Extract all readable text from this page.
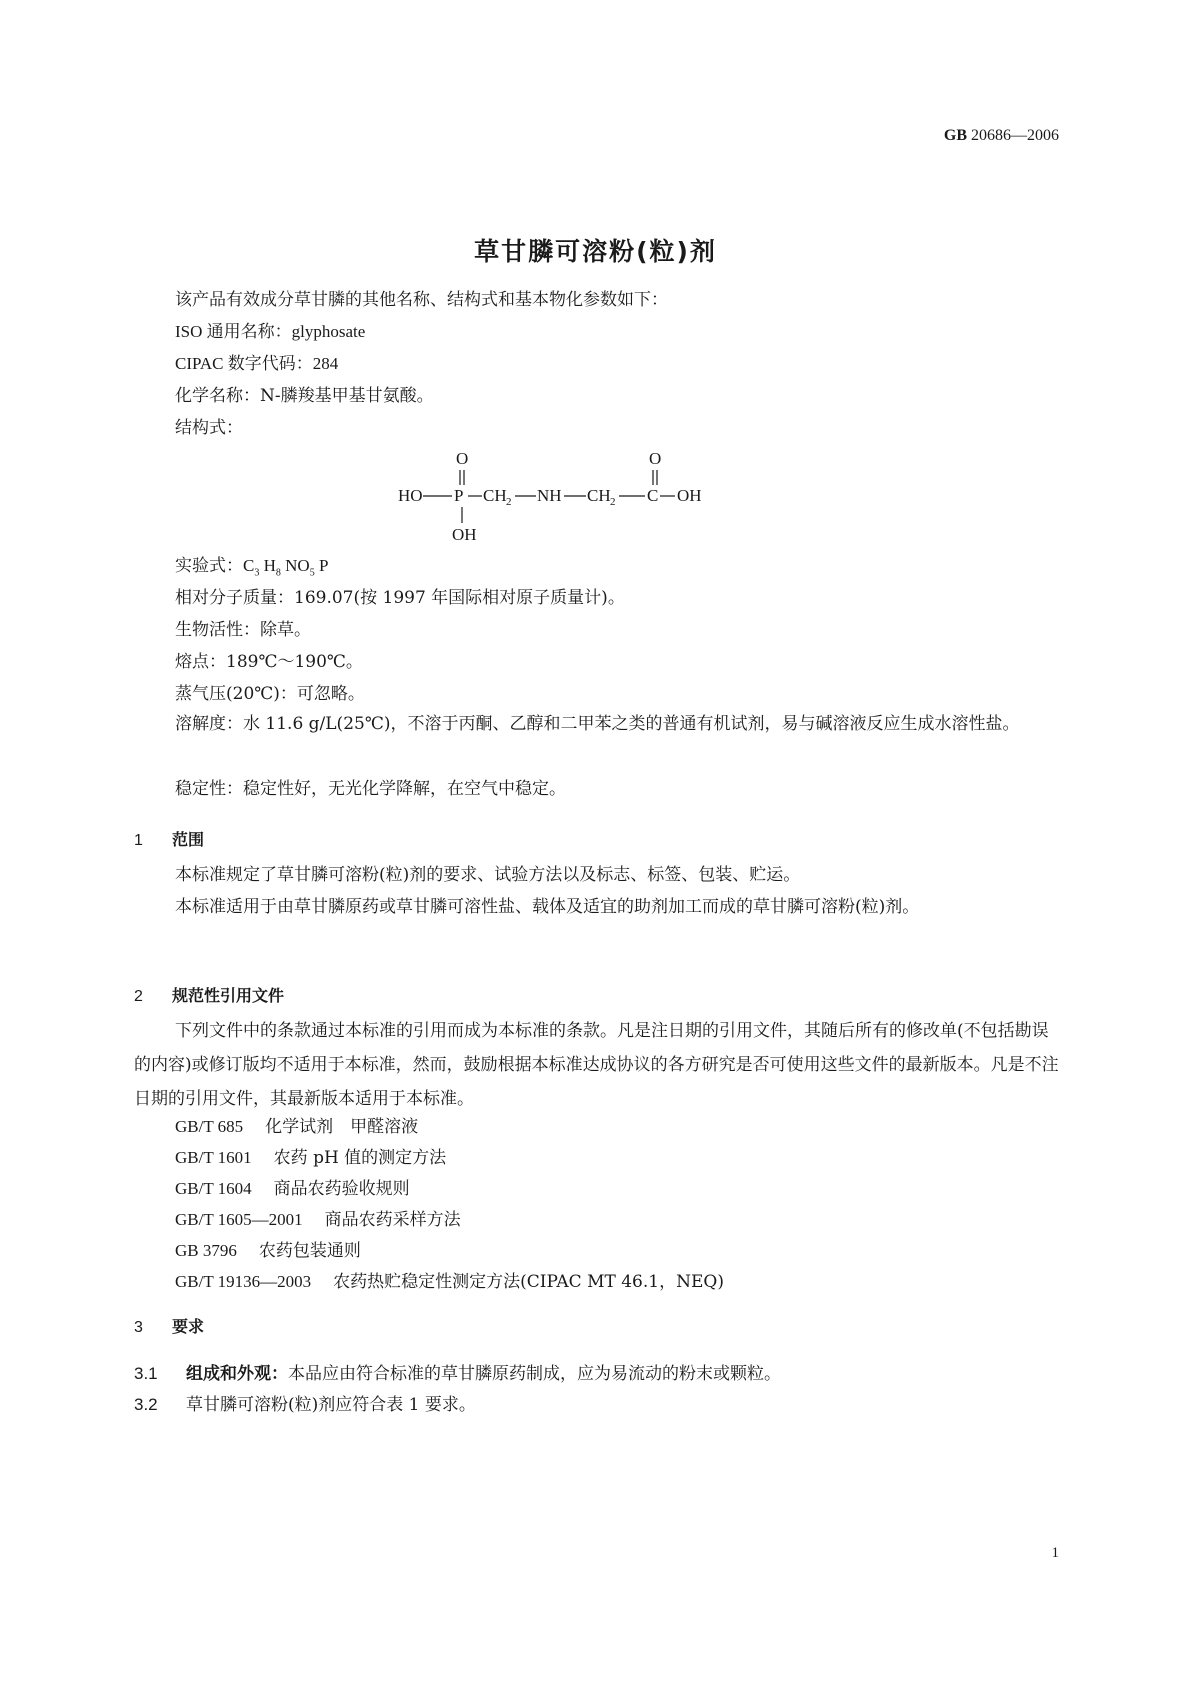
GB 20686—2006
草甘膦可溶粉(粒)剂
该产品有效成分草甘膦的其他名称、结构式和基本物化参数如下：
ISO 通用名称：glyphosate
CIPAC 数字代码：284
化学名称：N-膦羧基甲基甘氨酸。
结构式：
O	O
HO P CH 2 NH CH 2 C OH
OH
实验式：$C_3$ $H_8$ $NO_5$ P
相对分子质量：169.07(按 1997 年国际相对原子质量计)。
生物活性：除草。
熔点：189℃～190℃。
蒸气压(20℃)：可忽略。
溶解度：水 11.6 g/L(25℃)，不溶于丙酮、乙醇和二甲苯之类的普通有机试剂，易与碱溶液反应生成水溶性盐。
稳定性：稳定性好，无光化学降解，在空气中稳定。
1 范围
本标准规定了草甘膦可溶粉(粒)剂的要求、试验方法以及标志、标签、包装、贮运。
本标准适用于由草甘膦原药或草甘膦可溶性盐、载体及适宜的助剂加工而成的草甘膦可溶粉(粒)剂。
2 规范性引用文件
下列文件中的条款通过本标准的引用而成为本标准的条款。凡是注日期的引用文件，其随后所有的修改单(不包括勘误的内容)或修订版均不适用于本标准，然而，鼓励根据本标准达成协议的各方研究是否可使用这些文件的最新版本。凡是不注日期的引用文件，其最新版本适用于本标准。
GB/T 685 化学试剂　甲醛溶液
GB/T 1601 农药 pH 值的测定方法
GB/T 1604 商品农药验收规则
GB/T 1605—2001 商品农药采样方法
GB 3796 农药包装通则
GB/T 19136—2003 农药热贮稳定性测定方法(CIPAC MT 46.1，NEQ)
3 要求
3.1 组成和外观：本品应由符合标准的草甘膦原药制成，应为易流动的粉末或颗粒。
3.2 草甘膦可溶粉(粒)剂应符合表 1 要求。
1
